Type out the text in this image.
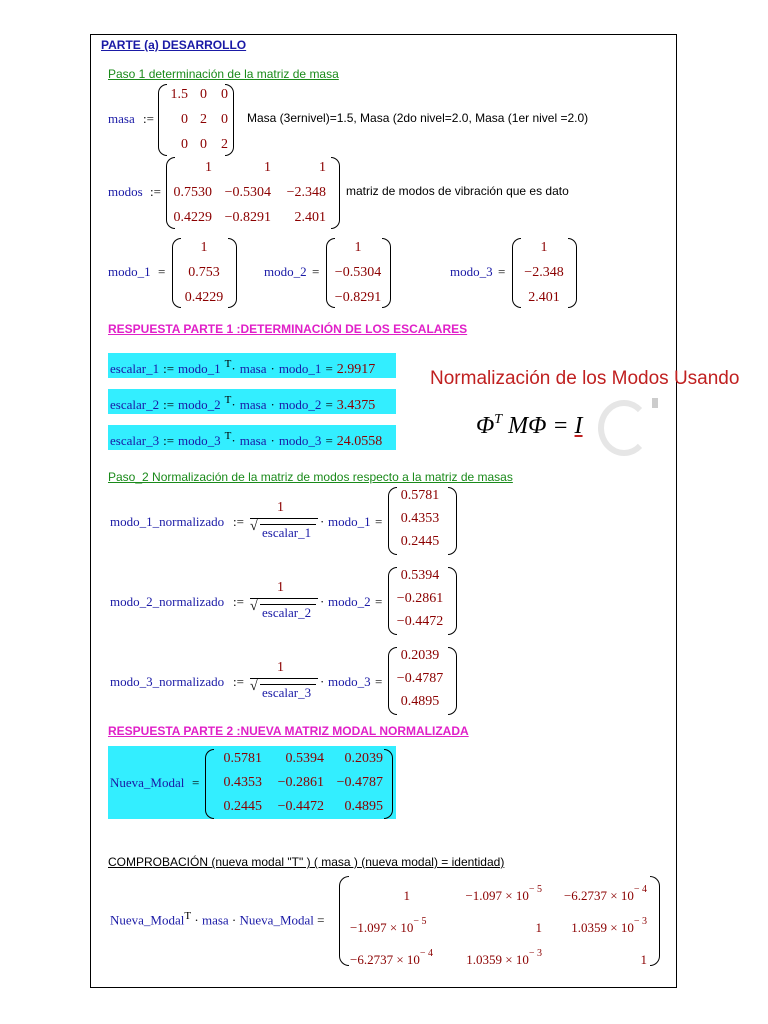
PARTE (a) DESARROLLO
Paso 1 determinación de la matriz de masa
masa :=
1.5 0	0
0 2	0
0 0	2
Masa (3ernivel)=1.5, Masa (2do nivel=2.0, Masa (1er nivel =2.0)
modos :=
1	1	1
0.7530 −0.5304	−2.348
0.4229 −0.8291	2.401
matriz de modos de vibración que es dato
modo_1 =
1
0.753
0.4229
modo_2 =
1
−0.5304
−0.8291
modo_3 =
1
−2.348
2.401
RESPUESTA PARTE 1 :DETERMINACIÓN DE LOS ESCALARES
escalar_1 := modo_1 $^T$· masa · modo_1 = 2.9917
escalar_2 := modo_2 $^T$· masa · modo_2 = 3.4375
escalar_3 := modo_3 $^T$· masa · modo_3 = 24.0558
Normalización de los Modos Usando
$\Phi^T$ MΦ = I
Paso_2 Normalización de la matriz de modos respecto a la matriz de masas
modo_1_normalizado :=
1
√ escalar_1
· modo_1 =
0.5781
0.4353
0.2445
modo_2_normalizado :=
1
√ escalar_2
· modo_2 =
0.5394
−0.2861
−0.4472
modo_3_normalizado :=
1
√ escalar_3
· modo_3 =
0.2039
−0.4787
0.4895
RESPUESTA PARTE 2 :NUEVA MATRIZ MODAL NORMALIZADA
Nueva_Modal =
0.5781	0.5394	0.2039
0.4353	−0.2861 −0.4787
0.2445	−0.4472	0.4895
COMPROBACIÓN (nueva modal "T" ) ( masa ) (nueva modal) = identidad)
Nueva_Modal$^T$ · masa · Nueva_Modal =
1	$-1.097 \times 10^{- 5}$	$-6.2737 \times 10^{- 4}$
$-1.097 \times 10^{- 5}$	1	$1.0359 \times 10^{- 3}$
$-6.2737 \times 10^{- 4}$	$1.0359 \times 10^{- 3}$	1
